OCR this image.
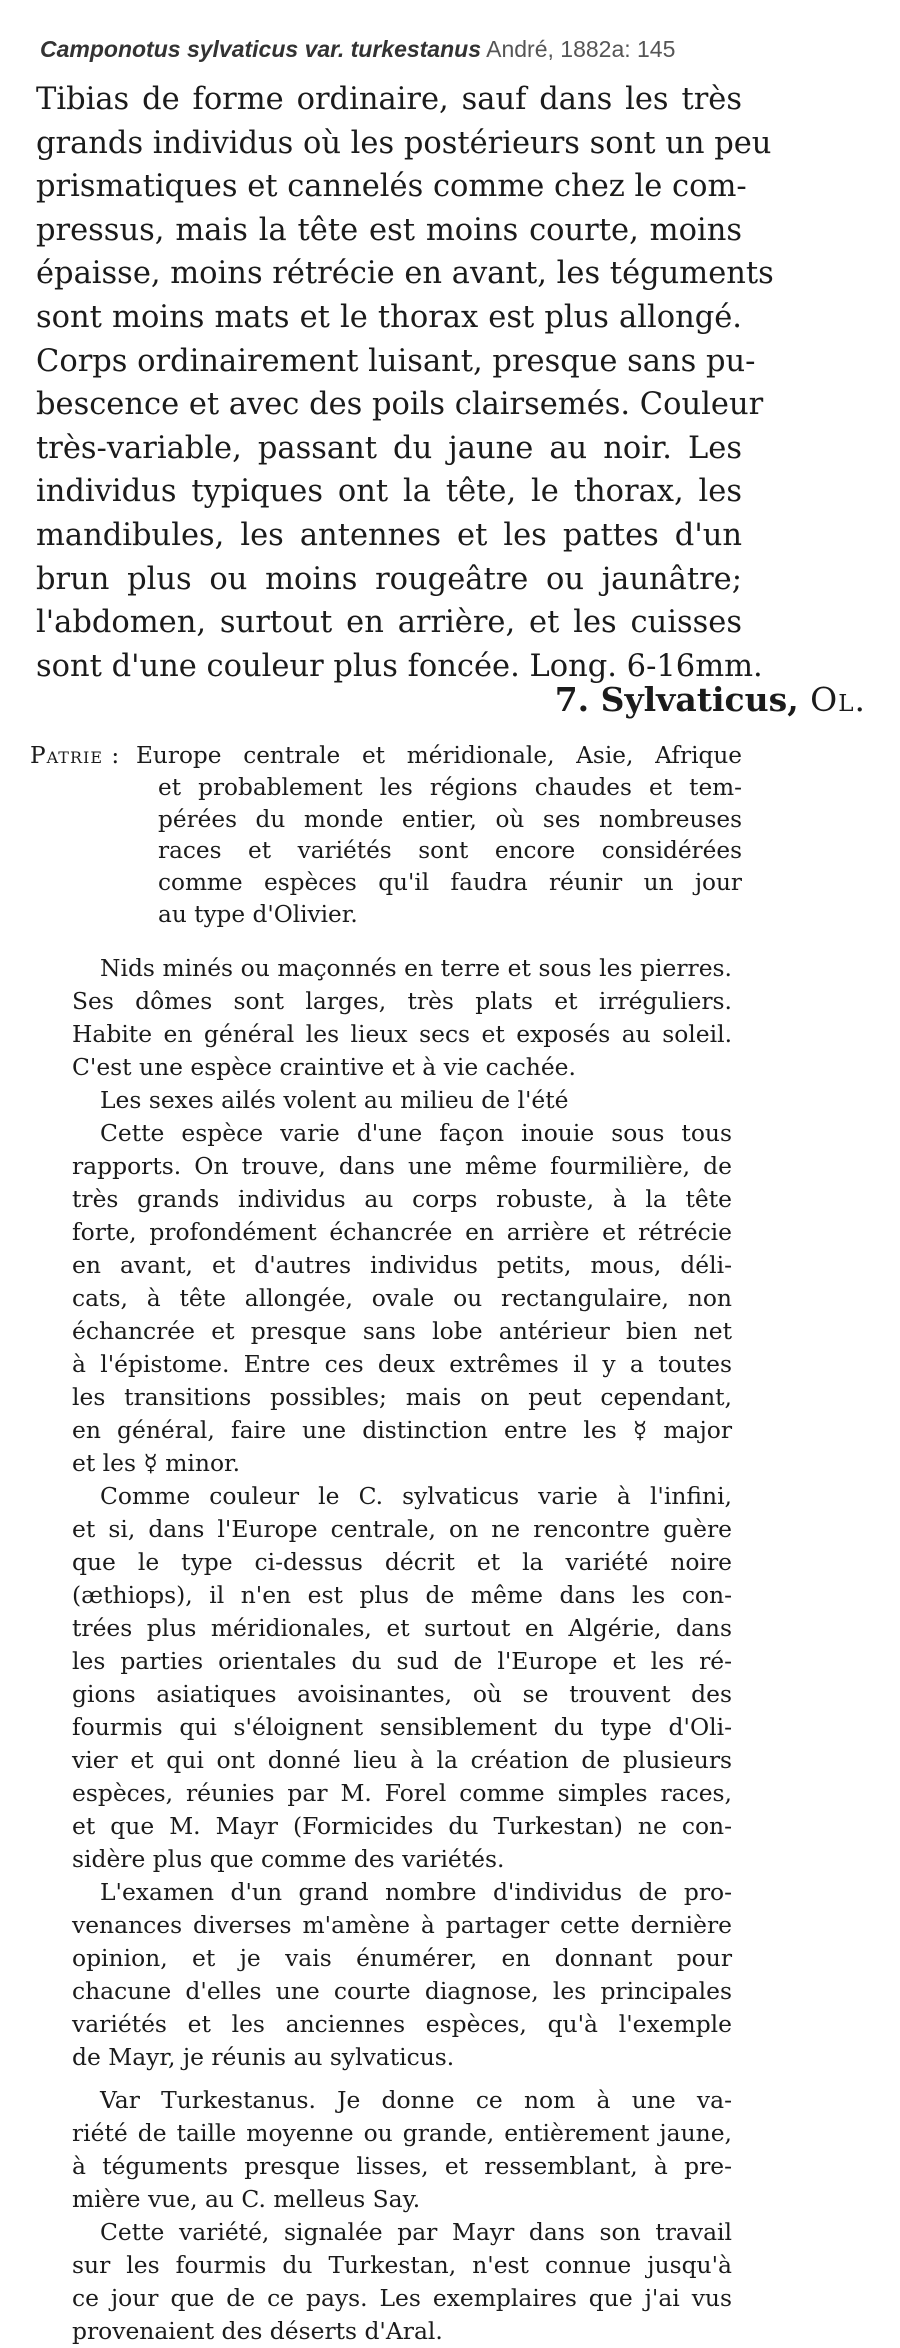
Camponotus sylvaticus var. turkestanus André, 1882a: 145
Tibias de forme ordinaire, sauf dans les très
grands individus où les postérieurs sont un peu
prismatiques et cannelés comme chez le com-
pressus, mais la tête est moins courte, moins
épaisse, moins rétrécie en avant, les téguments
sont moins mats et le thorax est plus allongé.
Corps ordinairement luisant, presque sans pu-
bescence et avec des poils clairsemés. Couleur
très-variable, passant du jaune au noir. Les
individus typiques ont la tête, le thorax, les
mandibules, les antennes et les pattes d'un
brun plus ou moins rougeâtre ou jaunâtre;
l'abdomen, surtout en arrière, et les cuisses
sont d'une couleur plus foncée. Long. 6-16mm.
7. Sylvaticus, Ol.
Patrie : Europe centrale et méridionale, Asie, Afrique
et probablement les régions chaudes et tem-
pérées du monde entier, où ses nombreuses
races et variétés sont encore considérées
comme espèces qu'il faudra réunir un jour
au type d'Olivier.
Nids minés ou maçonnés en terre et sous les pierres.
Ses dômes sont larges, très plats et irréguliers.
Habite en général les lieux secs et exposés au soleil.
C'est une espèce craintive et à vie cachée.
Les sexes ailés volent au milieu de l'été
Cette espèce varie d'une façon inouie sous tous
rapports. On trouve, dans une même fourmilière, de
très grands individus au corps robuste, à la tête
forte, profondément échancrée en arrière et rétrécie
en avant, et d'autres individus petits, mous, déli-
cats, à tête allongée, ovale ou rectangulaire, non
échancrée et presque sans lobe antérieur bien net
à l'épistome. Entre ces deux extrêmes il y a toutes
les transitions possibles; mais on peut cependant,
en général, faire une distinction entre les ☿ major
et les ☿ minor.
Comme couleur le C. sylvaticus varie à l'infini,
et si, dans l'Europe centrale, on ne rencontre guère
que le type ci-dessus décrit et la variété noire
(æthiops), il n'en est plus de même dans les con-
trées plus méridionales, et surtout en Algérie, dans
les parties orientales du sud de l'Europe et les ré-
gions asiatiques avoisinantes, où se trouvent des
fourmis qui s'éloignent sensiblement du type d'Oli-
vier et qui ont donné lieu à la création de plusieurs
espèces, réunies par M. Forel comme simples races,
et que M. Mayr (Formicides du Turkestan) ne con-
sidère plus que comme des variétés.
L'examen d'un grand nombre d'individus de pro-
venances diverses m'amène à partager cette dernière
opinion, et je vais énumérer, en donnant pour
chacune d'elles une courte diagnose, les principales
variétés et les anciennes espèces, qu'à l'exemple
de Mayr, je réunis au sylvaticus.
Var Turkestanus. Je donne ce nom à une va-
riété de taille moyenne ou grande, entièrement jaune,
à téguments presque lisses, et ressemblant, à pre-
mière vue, au C. melleus Say.
Cette variété, signalée par Mayr dans son travail
sur les fourmis du Turkestan, n'est connue jusqu'à
ce jour que de ce pays. Les exemplaires que j'ai vus
provenaient des déserts d'Aral.
